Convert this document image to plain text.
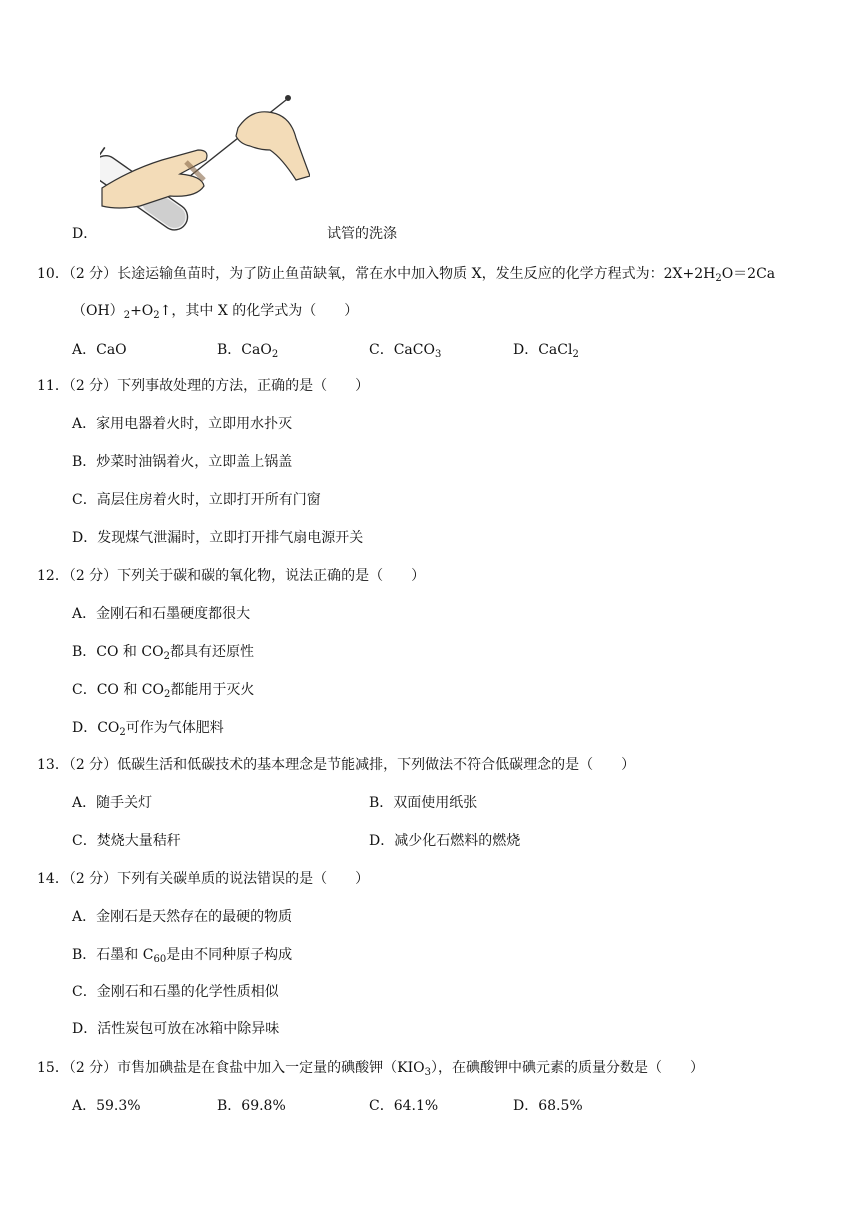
D．	试管的洗涤
10．（2 分）长途运输鱼苗时，为了防止鱼苗缺氧，常在水中加入物质 X，发生反应的化学方程式为：$2X+2H_2O=2Ca$
$(OH)_2+O_2↑$，其中 X 的化学式为（　　）
A．CaO	B．CaO$_2$	C．CaCO$_3$	D．CaCl$_2$
11．（2 分）下列事故处理的方法，正确的是（　　）
A．家用电器着火时，立即用水扑灭
B．炒菜时油锅着火，立即盖上锅盖
C．高层住房着火时，立即打开所有门窗
D．发现煤气泄漏时，立即打开排气扇电源开关
12．（2 分）下列关于碳和碳的氧化物，说法正确的是（　　）
A．金刚石和石墨硬度都很大
B．CO 和 $CO_2$都具有还原性
C．CO 和 $CO_2$都能用于灭火
D．$CO_2$可作为气体肥料
13．（2 分）低碳生活和低碳技术的基本理念是节能减排，下列做法不符合低碳理念的是（　　）
A．随手关灯	B．双面使用纸张
C．焚烧大量秸秆	D．减少化石燃料的燃烧
14．（2 分）下列有关碳单质的说法错误的是（　　）
A．金刚石是天然存在的最硬的物质
B．石墨和 $C_{60}$是由不同种原子构成
C．金刚石和石墨的化学性质相似
D．活性炭包可放在冰箱中除异味
15．（2 分）市售加碘盐是在食盐中加入一定量的碘酸钾$(KIO_3)$，在碘酸钾中碘元素的质量分数是（　　）
A．59.3%	B．69.8%	C．64.1%	D．68.5%
